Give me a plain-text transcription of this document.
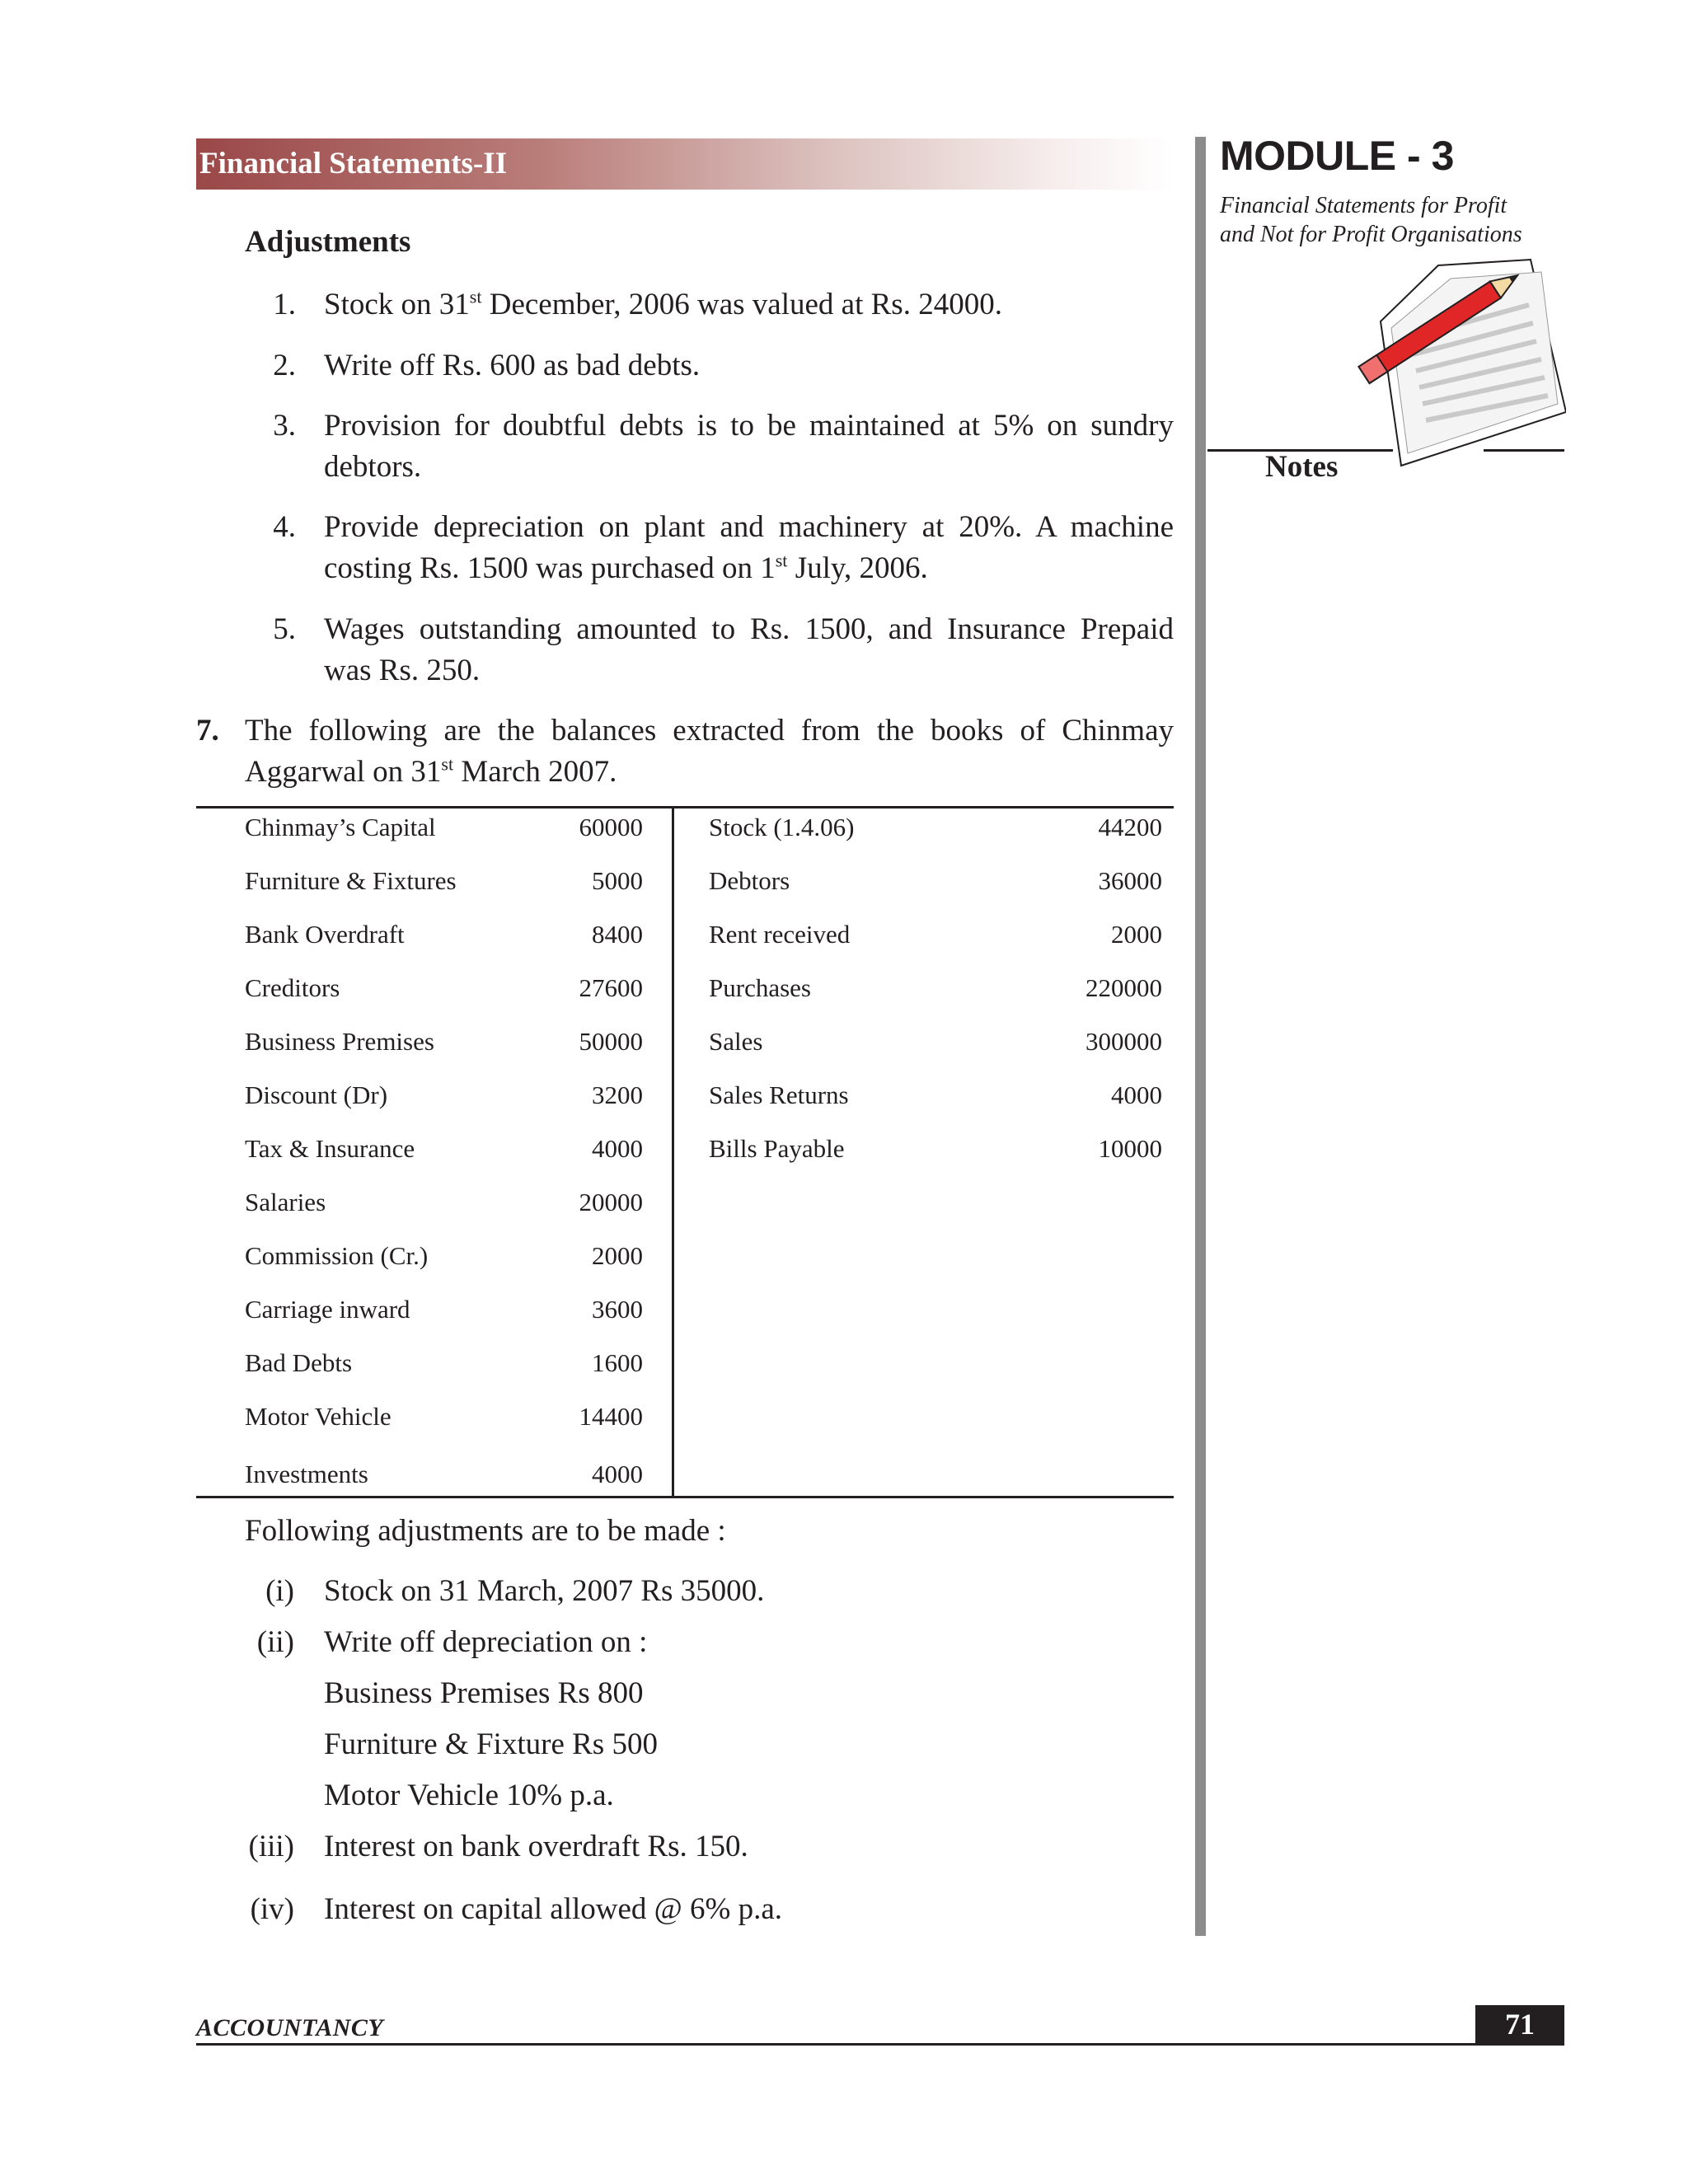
Financial Statements-II	MODULE - 3
Financial Statements for Profit
and Not for Profit Organisations
Notes
Adjustments
1. Stock on 31st December, 2006 was valued at Rs. 24000.
2. Write off Rs. 600 as bad debts.
3. Provision for doubtful debts is to be maintained at 5% on sundry
debtors.
4. Provide depreciation on plant and machinery at 20%. A machine
costing Rs. 1500 was purchased on 1st July, 2006.
5. Wages outstanding amounted to Rs. 1500, and Insurance Prepaid
was Rs. 250.
7. The following are the balances extracted from the books of Chinmay
Aggarwal on 31st March 2007.
Chinmay’s Capital	60000
Furniture & Fixtures	5000
Bank Overdraft	8400
Creditors	27600
Business Premises	50000
Discount (Dr)	3200
Tax & Insurance	4000
Salaries	20000
Commission (Cr.)	2000
Carriage inward	3600
Bad Debts	1600
Motor Vehicle	14400
Investments	4000
Stock (1.4.06)	44200
Debtors	36000
Rent received	2000
Purchases	220000
Sales	300000
Sales Returns	4000
Bills Payable	10000
Following adjustments are to be made :
(i) Stock on 31 March, 2007 Rs 35000.
(ii) Write off depreciation on :
Business Premises Rs 800
Furniture & Fixture Rs 500
Motor Vehicle 10% p.a.
(iii) Interest on bank overdraft Rs. 150.
(iv) Interest on capital allowed @ 6% p.a.
ACCOUNTANCY	71
